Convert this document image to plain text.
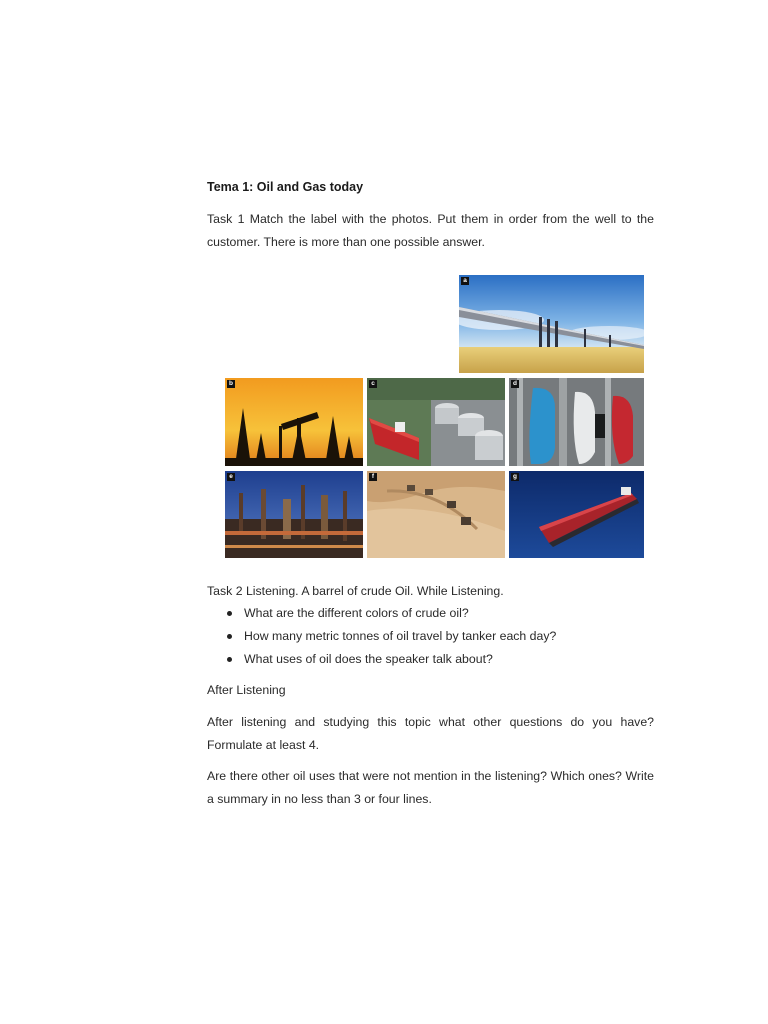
Tema 1: Oil and Gas today
Task 1 Match the label with the photos. Put them in order from the well to the customer. There is more than one possible answer.
a
b	c	d
e	f	g
Task 2 Listening. A barrel of crude Oil. While Listening.
What are the different colors of crude oil?
How many metric tonnes of oil travel by tanker each day?
What uses of oil does the speaker talk about?
After Listening
After listening and studying this topic what other questions do you have? Formulate at least 4.
Are there other oil uses that were not mention in the listening? Which ones? Write a summary in no less than 3 or four lines.
